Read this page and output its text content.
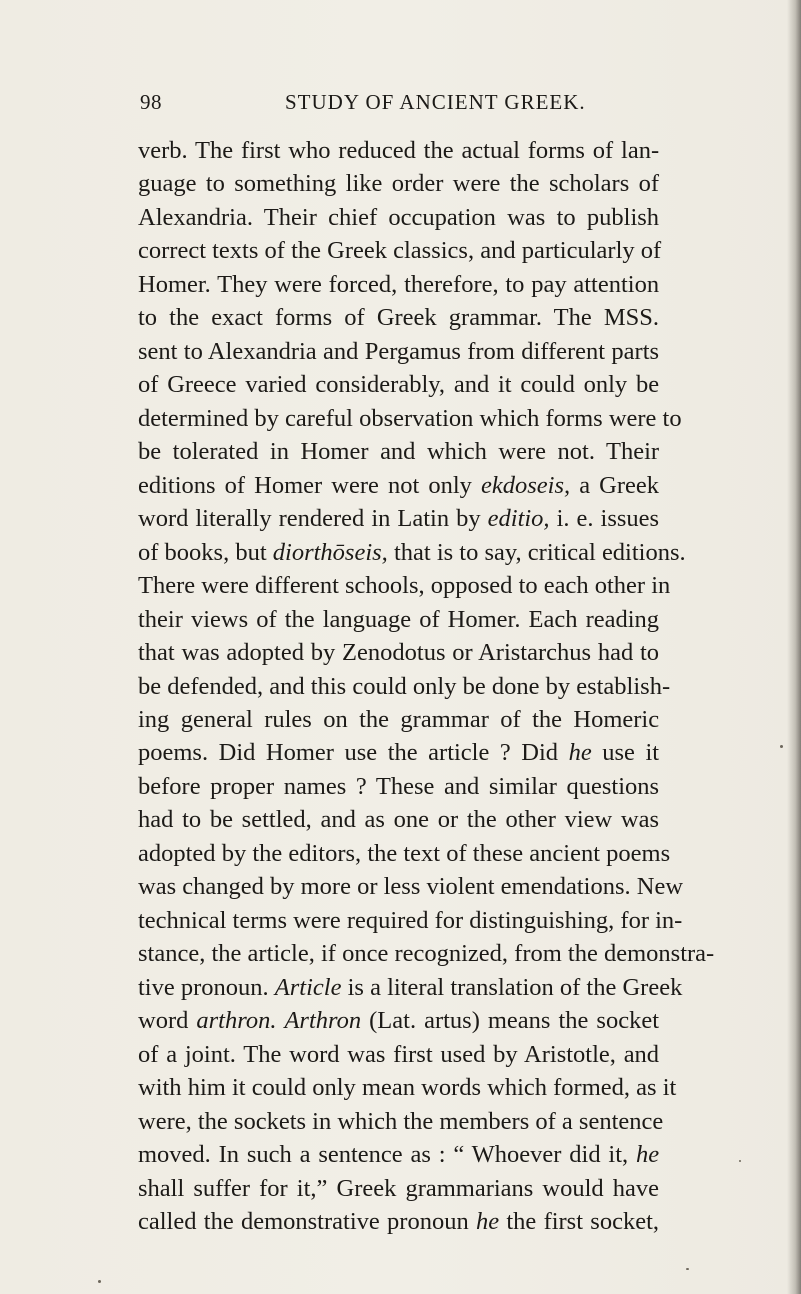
98	STUDY OF ANCIENT GREEK.
verb. The first who reduced the actual forms of lan-
guage to something like order were the scholars of
Alexandria. Their chief occupation was to publish
correct texts of the Greek classics, and particularly of
Homer. They were forced, therefore, to pay attention
to the exact forms of Greek grammar. The MSS.
sent to Alexandria and Pergamus from different parts
of Greece varied considerably, and it could only be
determined by careful observation which forms were to
be tolerated in Homer and which were not. Their
editions of Homer were not only ekdoseis, a Greek
word literally rendered in Latin by editio, i. e. issues
of books, but diorthōseis, that is to say, critical editions.
There were different schools, opposed to each other in
their views of the language of Homer. Each reading
that was adopted by Zenodotus or Aristarchus had to
be defended, and this could only be done by establish-
ing general rules on the grammar of the Homeric
poems. Did Homer use the article ? Did he use it
before proper names ? These and similar questions
had to be settled, and as one or the other view was
adopted by the editors, the text of these ancient poems
was changed by more or less violent emendations. New
technical terms were required for distinguishing, for in-
stance, the article, if once recognized, from the demonstra-
tive pronoun. Article is a literal translation of the Greek
word arthron. Arthron (Lat. artus) means the socket
of a joint. The word was first used by Aristotle, and
with him it could only mean words which formed, as it
were, the sockets in which the members of a sentence
moved. In such a sentence as : “ Whoever did it, he
shall suffer for it,” Greek grammarians would have
called the demonstrative pronoun he the first socket,
